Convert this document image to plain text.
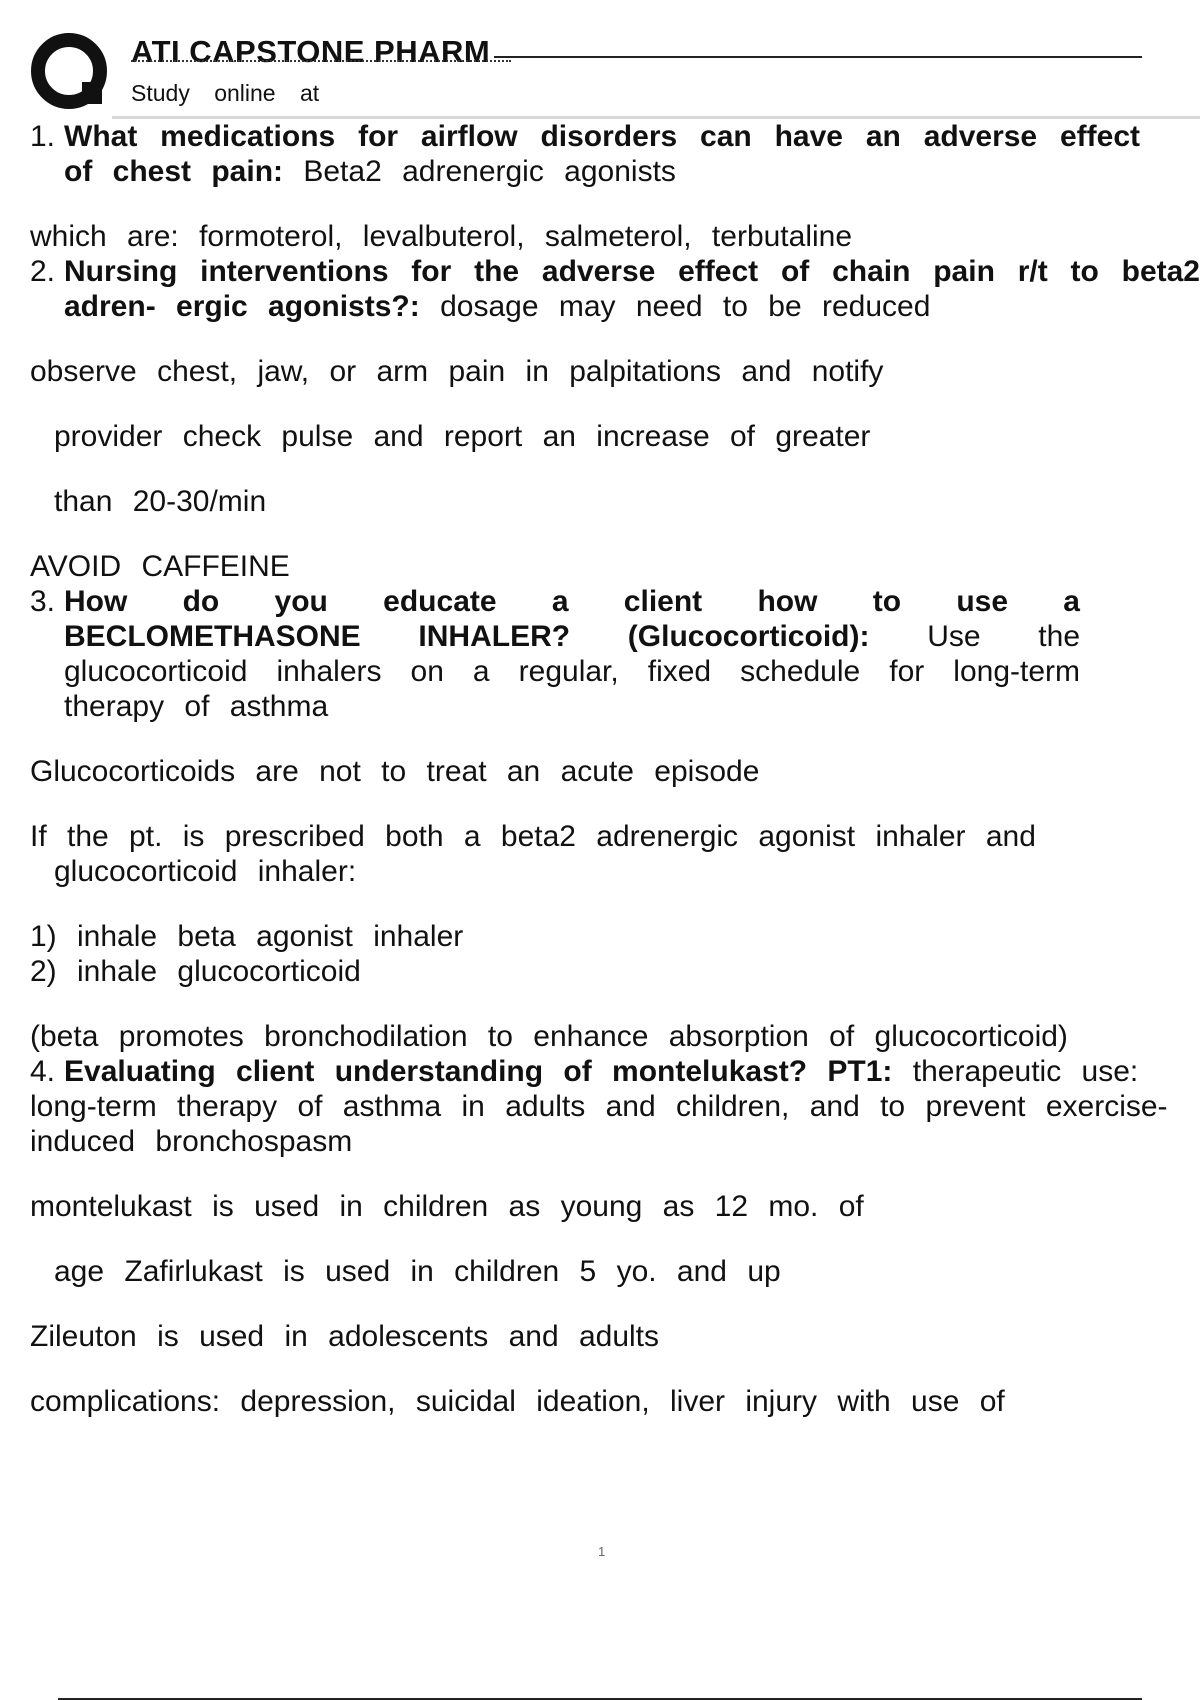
ATI CAPSTONE PHARM
Study online at
1. What medications for airflow disorders can have an adverse effect of chest pain: Beta2 adrenergic agonists

which are: formoterol, levalbuterol, salmeterol, terbutaline

2. Nursing interventions for the adverse effect of chain pain r/t to beta2 adren- ergic agonists?: dosage may need to be reduced

observe chest, jaw, or arm pain in palpitations and notify

provider check pulse and report an increase of greater

than 20-30/min

AVOID CAFFEINE

3. How do you educate a client how to use a BECLOMETHASONE INHALER? (Glucocorticoid): Use the glucocorticoid inhalers on a regular, fixed schedule for long-term therapy of asthma

Glucocorticoids are not to treat an acute episode

If the pt. is prescribed both a beta2 adrenergic agonist inhaler and

glucocorticoid inhaler:

1) inhale beta agonist inhaler

2) inhale glucocorticoid

(beta promotes bronchodilation to enhance absorption of glucocorticoid)

4. Evaluating client understanding of montelukast? PT1: therapeutic use:

long-term therapy of asthma in adults and children, and to prevent exercise-

induced bronchospasm

montelukast is used in children as young as 12 mo. of

age Zafirlukast is used in children 5 yo. and up

Zileuton is used in adolescents and adults

complications: depression, suicidal ideation, liver injury with use of

1
